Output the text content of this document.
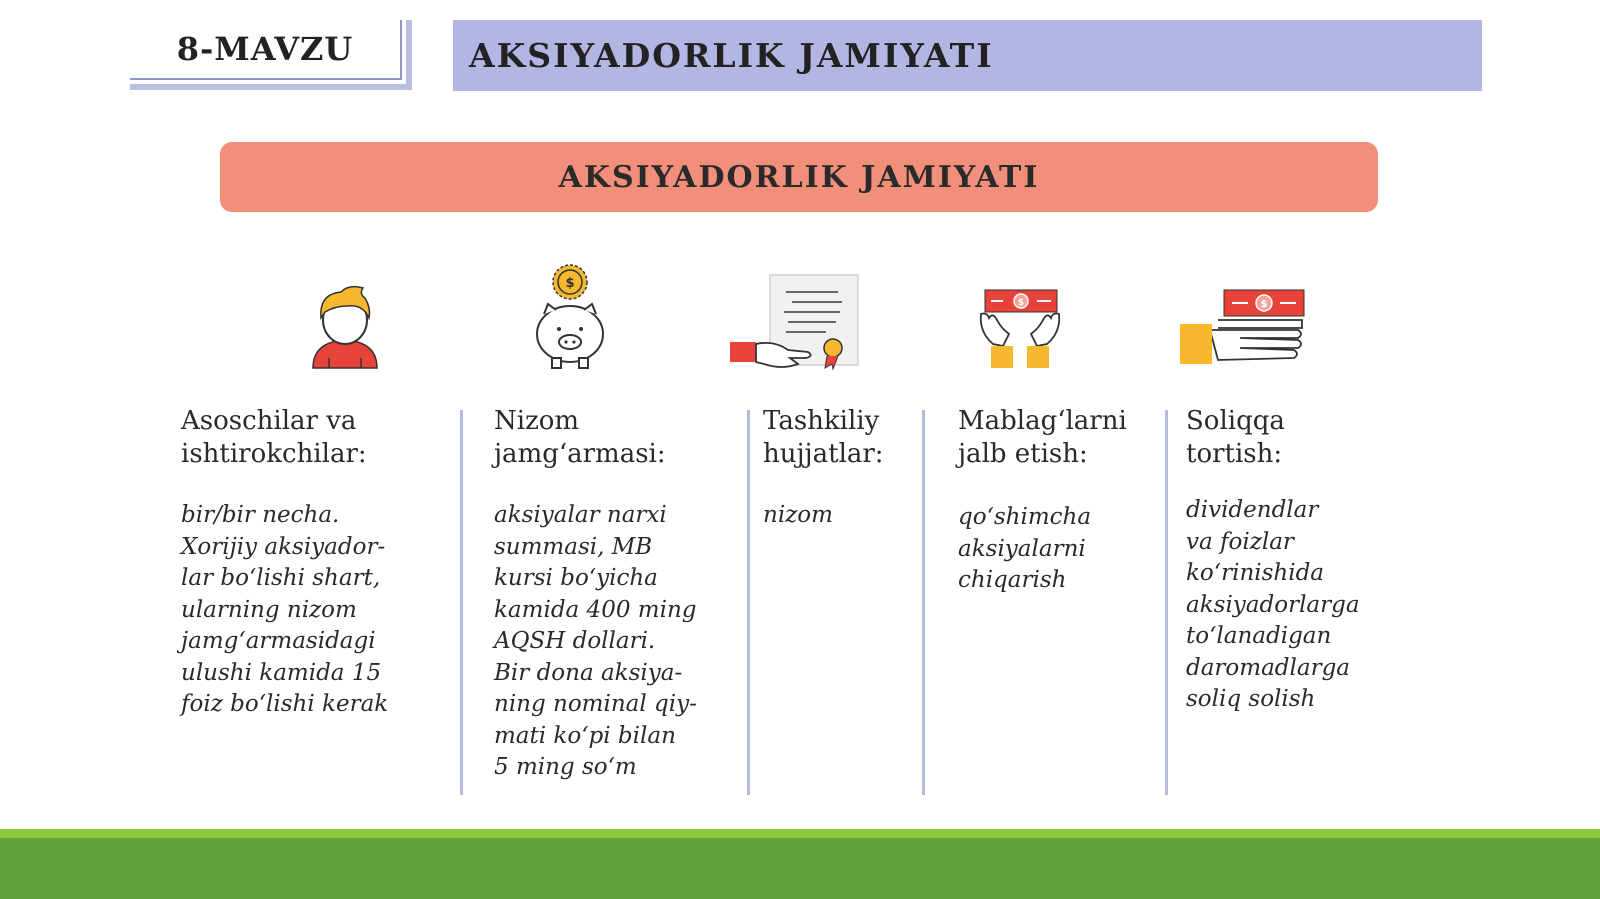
8-MAVZU	AKSIYADORLIK JAMIYATI
AKSIYADORLIK JAMIYATI
$
$	$
Asoschilar va
ishtirokchilar:
bir/bir necha.
Xorijiy aksiyador-
lar bo‘lishi shart,
ularning nizom
jamg‘armasidagi
ulushi kamida 15
foiz bo‘lishi kerak
Nizom
jamg‘armasi:
aksiyalar narxi
summasi, MB
kursi bo‘yicha
kamida 400 ming
AQSH dollari.
Bir dona aksiya-
ning nominal qiy-
mati ko‘pi bilan
5 ming so‘m
Tashkiliy
hujjatlar:
nizom
Mablag‘larni
jalb etish:
qo‘shimcha
aksiyalarni
chiqarish
Soliqqa
tortish:
dividendlar
va foizlar
ko‘rinishida
aksiyadorlarga
to‘lanadigan
daromadlarga
soliq solish
